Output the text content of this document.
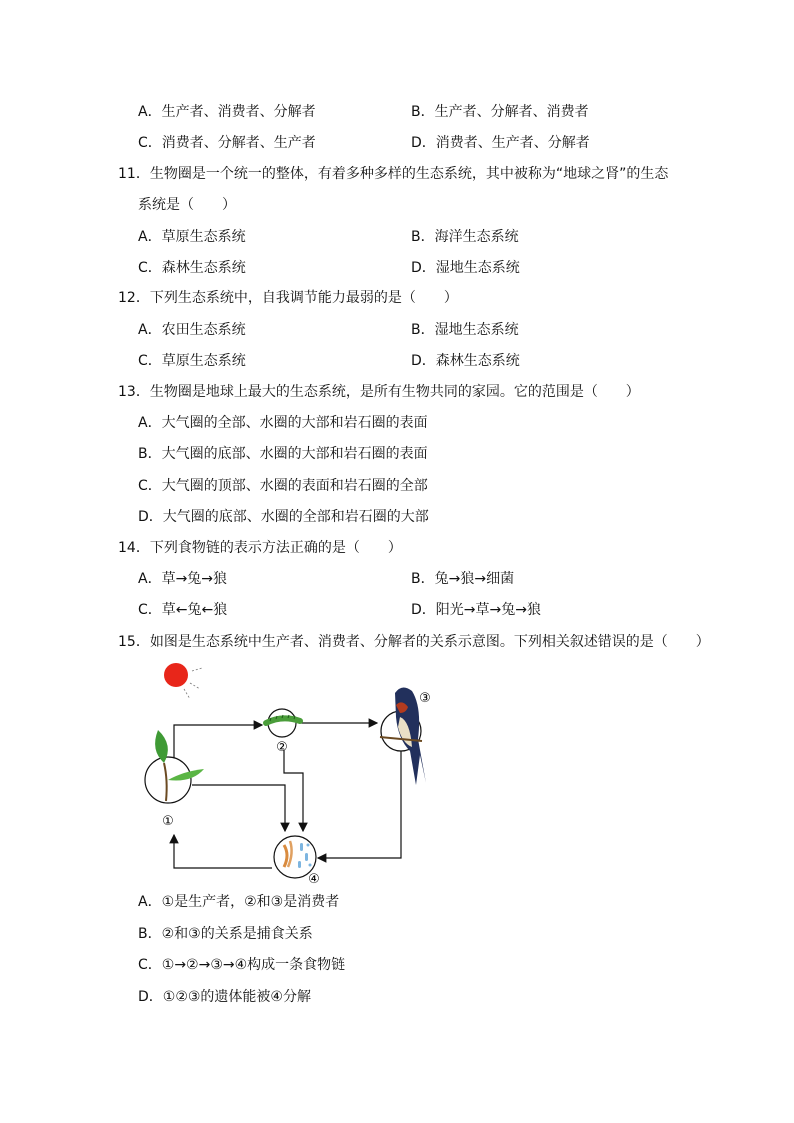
A．生产者、消费者、分解者	B．生产者、分解者、消费者
C．消费者、分解者、生产者	D．消费者、生产者、分解者
11．生物圈是一个统一的整体，有着多种多样的生态系统，其中被称为“地球之肾”的生态
系统是（　　）
A．草原生态系统	B．海洋生态系统
C．森林生态系统	D．湿地生态系统
12．下列生态系统中，自我调节能力最弱的是（　　）
A．农田生态系统	B．湿地生态系统
C．草原生态系统	D．森林生态系统
13．生物圈是地球上最大的生态系统，是所有生物共同的家园。它的范围是（　　）
A．大气圈的全部、水圈的大部和岩石圈的表面
B．大气圈的底部、水圈的大部和岩石圈的表面
C．大气圈的顶部、水圈的表面和岩石圈的全部
D．大气圈的底部、水圈的全部和岩石圈的大部
14．下列食物链的表示方法正确的是（　　）
A．草→兔→狼	B．兔→狼→细菌
C．草←兔←狼	D．阳光→草→兔→狼
15．如图是生态系统中生产者、消费者、分解者的关系示意图。下列相关叙述错误的是（　　）
①
②
③
④
A．①是生产者，②和③是消费者
B．②和③的关系是捕食关系
C．①→②→③→④构成一条食物链
D．①②③的遗体能被④分解
